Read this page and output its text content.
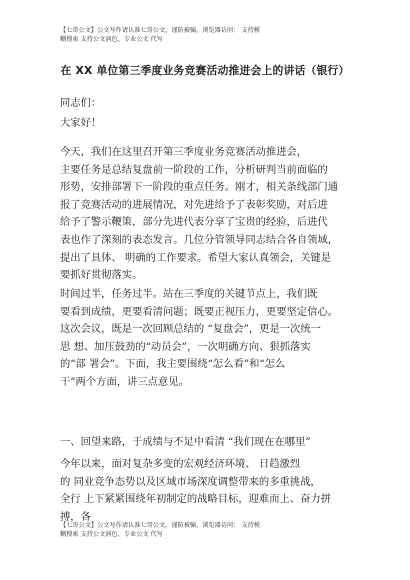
【七哥公文】公文写作请认准七哥公文，谨防被骗，浏览器访问： 支持模
糊搜索 支持公文润色、专业公文 代写
在 XX 单位第三季度业务竞赛活动推进会上的讲话（银行）
同志们：
大家好！
今天，我们在这里召开第三季度业务竞赛活动推进会，
主要任务是总结复盘前一阶段的工作，分析研判当前面临的
形势，安排部署下一阶段的重点任务。刚才，相关条线部门通
报了竞赛活动的进展情况，对先进给予了表彰奖励，对后进
给予了警示鞭策，部分先进代表分享了宝贵的经验，后进代
表也作了深刻的表态发言。几位分管领导同志结合各自领域，
提出了具体、 明确的工作要求。希望大家认真领会，关键是
要抓好贯彻落实。
时间过半，任务过半。站在三季度的关键节点上，我们既
要看到成绩，更要看清问题；既要正视压力，更要坚定信心。
这次会议，既是一次回顾总结的 “复盘会”，更是一次统一
思 想、加压鼓劲的“动员会”，一次明确方向、狠抓落实
的“部 署会”。下面，我主要围绕“怎么看”和“怎么
干”两个方面，讲三点意见。
一、回望来路，于成绩与不足中看清 “我们现在在哪里”
今年以来，面对复杂多变的宏观经济环境、 日趋激烈
的 同业竞争态势以及区域市场深度调整带来的多重挑战，
全行 上下紧紧围绕年初制定的战略目标，迎难而上、奋力拼
搏，各
【七哥公文】公文写作请认准七哥公文，谨防被骗，浏览器访问： 支持模
糊搜索 支持公文润色、专业公文 代写
